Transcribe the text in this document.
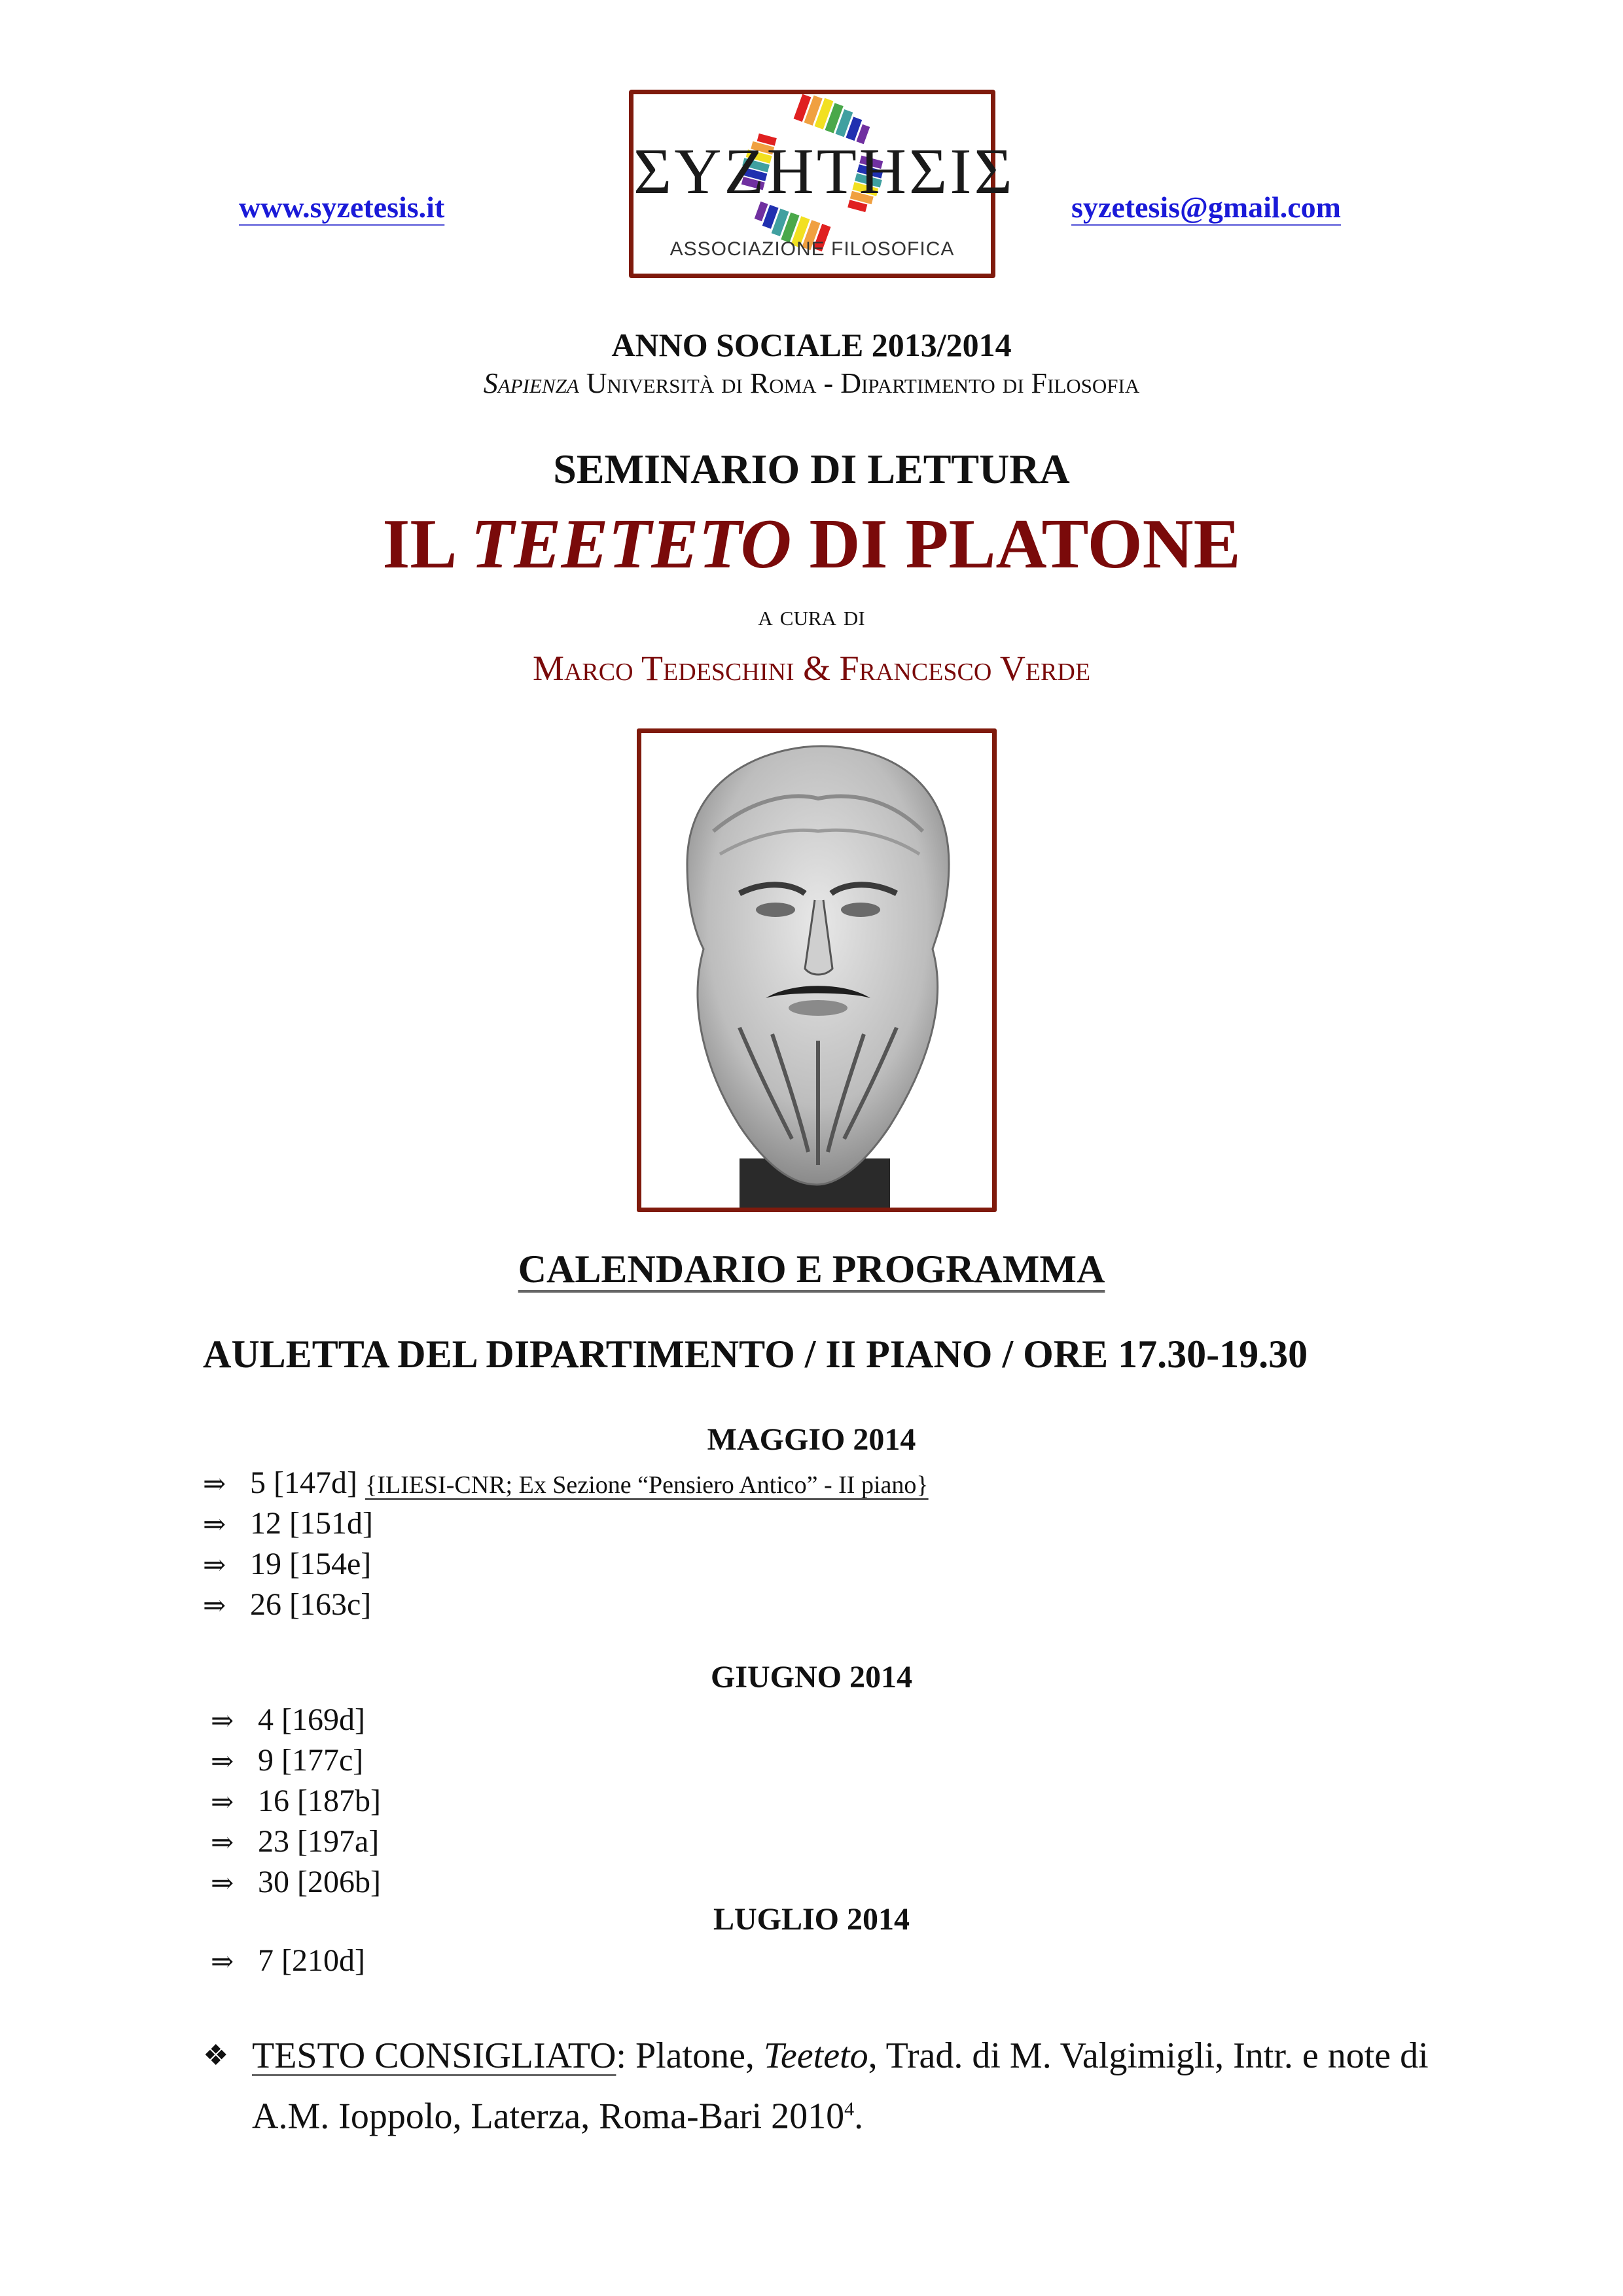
www.syzetesis.it	syzetesis@gmail.com
ΣΥΖΗΤΗΣΙΣ
ASSOCIAZIONE FILOSOFICA
ANNO SOCIALE 2013/2014
Sapienza Università di Roma - Dipartimento di Filosofia
SEMINARIO DI LETTURA
IL TEETETO DI PLATONE
a cura di
Marco Tedeschini & Francesco Verde
CALENDARIO E PROGRAMMA
AULETTA DEL DIPARTIMENTO / II PIANO / ORE 17.30-19.30
MAGGIO 2014
⇒ 5 [147d] {ILIESI-CNR; Ex Sezione “Pensiero Antico” - II piano}
⇒ 12 [151d]
⇒ 19 [154e]
⇒ 26 [163c]
GIUGNO 2014
⇒ 4 [169d]
⇒ 9 [177c]
⇒ 16 [187b]
⇒ 23 [197a]
⇒ 30 [206b]
LUGLIO 2014
⇒ 7 [210d]
❖ TESTO CONSIGLIATO: Platone, Teeteto, Trad. di M. Valgimigli, Intr. e note di A.M. Ioppolo, Laterza, Roma-Bari 2010$^4$.
